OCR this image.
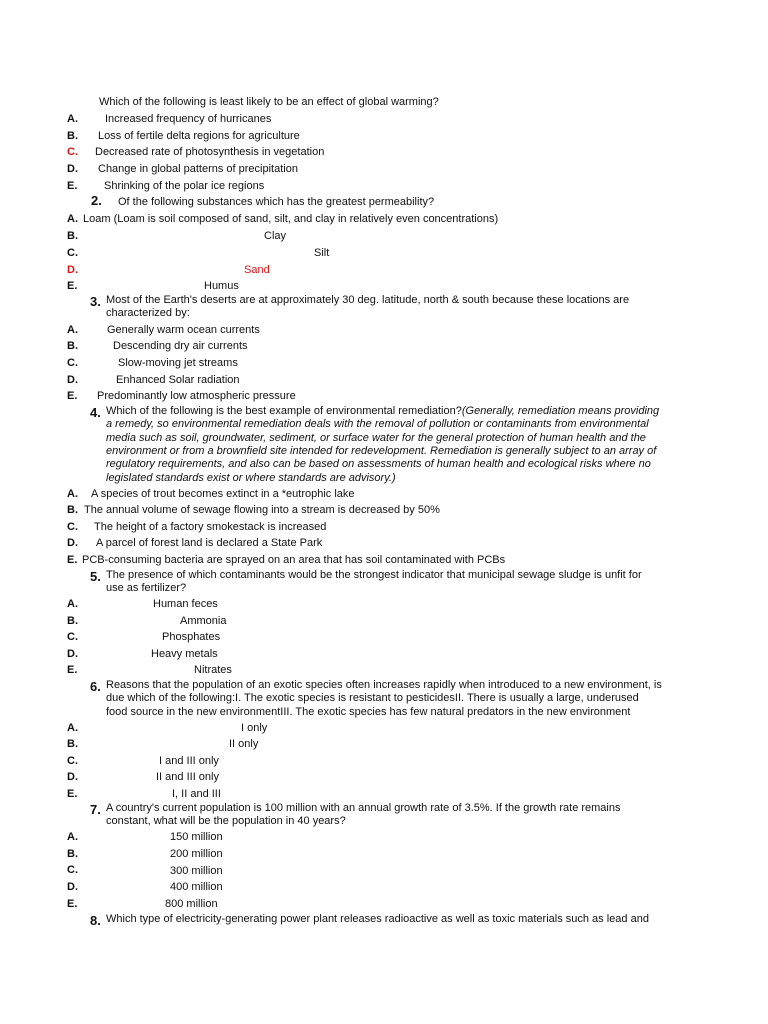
Which of the following is least likely to be an effect of global warming?
A. Increased frequency of hurricanes
B. Loss of fertile delta regions for agriculture
C. Decreased rate of photosynthesis in vegetation
D. Change in global patterns of precipitation
E. Shrinking of the polar ice regions
2. Of the following substances which has the greatest permeability?
A. Loam (Loam is soil composed of sand, silt, and clay in relatively even concentrations)
B.	Clay
C.	Silt
D.	Sand
E.	Humus
3. Most of the Earth's deserts are at approximately 30 deg. latitude, north & south because these locations are
characterized by:
A.	Generally warm ocean currents
B.	Descending dry air currents
C.	Slow-moving jet streams
D.	Enhanced Solar radiation
E. Predominantly low atmospheric pressure
4. Which of the following is the best example of environmental remediation?(Generally, remediation means providing
a remedy, so environmental remediation deals with the removal of pollution or contaminants from environmental
media such as soil, groundwater, sediment, or surface water for the general protection of human health and the
environment or from a brownfield site intended for redevelopment. Remediation is generally subject to an array of
regulatory requirements, and also can be based on assessments of human health and ecological risks where no
legislated standards exist or where standards are advisory.)
A. A species of trout becomes extinct in a *eutrophic lake
B. The annual volume of sewage flowing into a stream is decreased by 50%
C. The height of a factory smokestack is increased
D. A parcel of forest land is declared a State Park
E. PCB-consuming bacteria are sprayed on an area that has soil contaminated with PCBs
5. The presence of which contaminants would be the strongest indicator that municipal sewage sludge is unfit for
use as fertilizer?
A.	Human feces
B.	Ammonia
C.	Phosphates
D.	Heavy metals
E.	Nitrates
6. Reasons that the population of an exotic species often increases rapidly when introduced to a new environment, is
due which of the following:I. The exotic species is resistant to pesticidesII. There is usually a large, underused
food source in the new environmentIII. The exotic species has few natural predators in the new environment
A.	I only
B.	II only
C.	I and III only
D.	II and III only
E.	I, II and III
7. A country's current population is 100 million with an annual growth rate of 3.5%. If the growth rate remains
constant, what will be the population in 40 years?
A.	150 million
B.	200 million
C.	300 million
D.	400 million
E.	800 million
8. Which type of electricity-generating power plant releases radioactive as well as toxic materials such as lead and
